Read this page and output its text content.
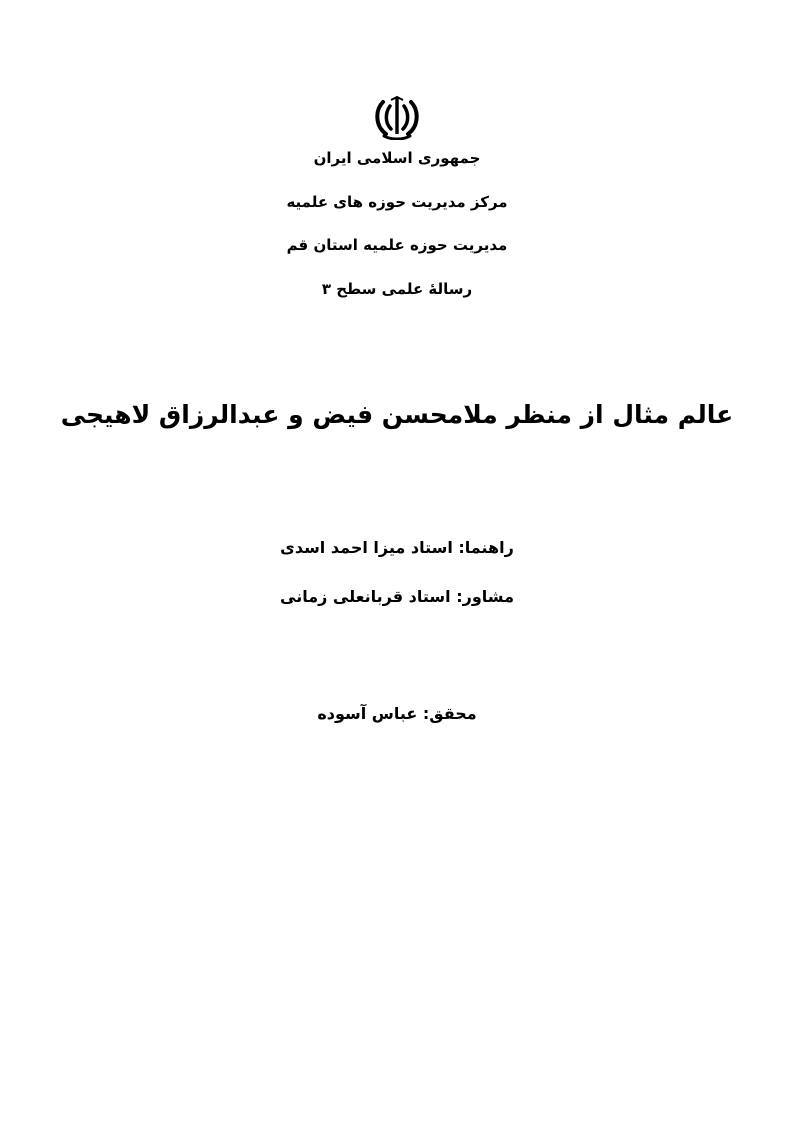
جمهوری اسلامی ایران
مرکز مدیریت حوزه های علمیه
مدیریت حوزه علمیه استان قم
رسالۀ علمی سطح ۳
عالم مثال از منظر ملامحسن فیض و عبدالرزاق لاهیجی
راهنما: استاد میزا احمد اسدی
مشاور: استاد قربانعلی زمانی
محقق: عباس آسوده
